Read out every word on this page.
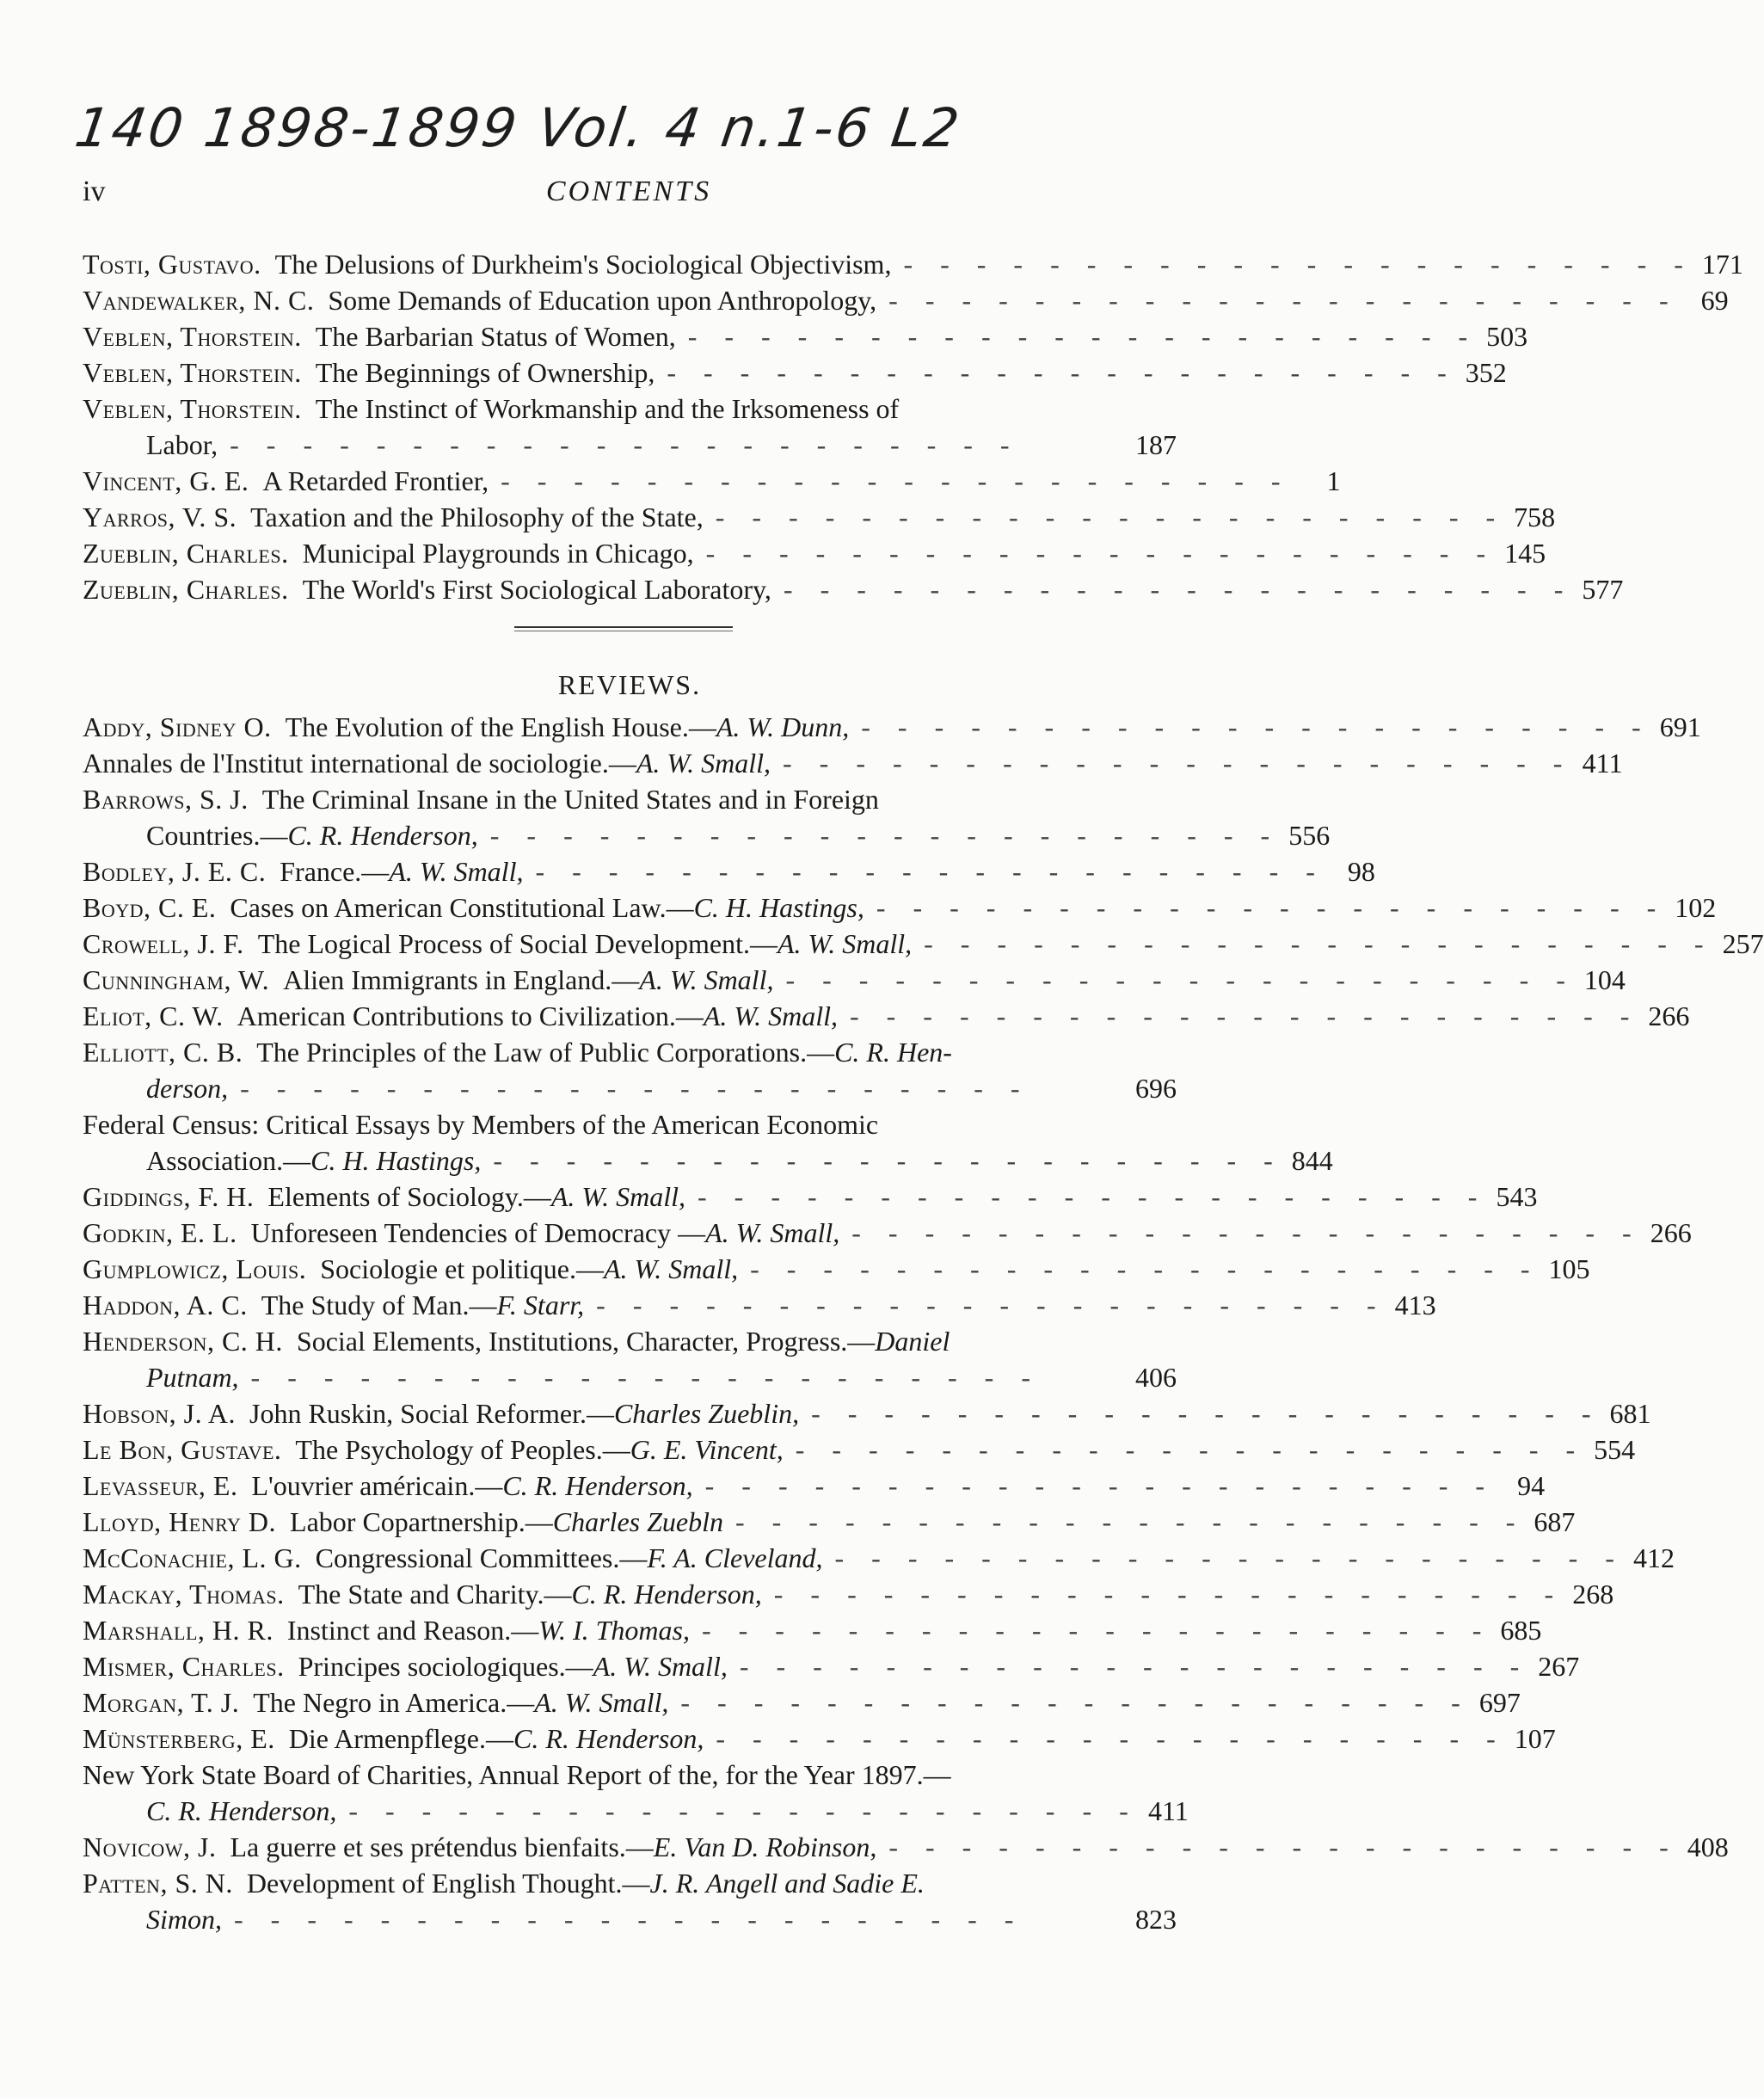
140 1898-1899 Vol. 4 n.1-6 L2
iv	CONTENTS
Tosti, Gustavo. The Delusions of Durkheim's Sociological Objectivism, -	171
Vandewalker, N. C. Some Demands of Education upon Anthropology, -	69
Veblen, Thorstein. The Barbarian Status of Women, -	503
Veblen, Thorstein. The Beginnings of Ownership, -	352
Veblen, Thorstein. The Instinct of Workmanship and the Irksomeness of
Labor, -	187
Vincent, G. E. A Retarded Frontier, -	1
Yarros, V. S. Taxation and the Philosophy of the State, -	758
Zueblin, Charles. Municipal Playgrounds in Chicago, -	145
Zueblin, Charles. The World's First Sociological Laboratory, -	577
REVIEWS.
Addy, Sidney O. The Evolution of the English House.—A. W. Dunn, -	691
Annales de l'Institut international de sociologie.—A. W. Small, -	411
Barrows, S. J. The Criminal Insane in the United States and in Foreign
Countries.—C. R. Henderson, -	556
Bodley, J. E. C. France.—A. W. Small, -	98
Boyd, C. E. Cases on American Constitutional Law.—C. H. Hastings, -	102
Crowell, J. F. The Logical Process of Social Development.—A. W. Small, -	257
Cunningham, W. Alien Immigrants in England.—A. W. Small, -	104
Eliot, C. W. American Contributions to Civilization.—A. W. Small, -	266
Elliott, C. B. The Principles of the Law of Public Corporations.—C. R. Hen-
derson, -	696
Federal Census: Critical Essays by Members of the American Economic
Association.—C. H. Hastings, -	844
Giddings, F. H. Elements of Sociology.—A. W. Small, -	543
Godkin, E. L. Unforeseen Tendencies of Democracy —A. W. Small, -	266
Gumplowicz, Louis. Sociologie et politique.—A. W. Small, -	105
Haddon, A. C. The Study of Man.—F. Starr, -	413
Henderson, C. H. Social Elements, Institutions, Character, Progress.—Daniel
Putnam, -	406
Hobson, J. A. John Ruskin, Social Reformer.—Charles Zueblin, -	681
Le Bon, Gustave. The Psychology of Peoples.—G. E. Vincent, -	554
Levasseur, E. L'ouvrier américain.—C. R. Henderson, -	94
Lloyd, Henry D. Labor Copartnership.—Charles Zuebln -	687
McConachie, L. G. Congressional Committees.—F. A. Cleveland, -	412
Mackay, Thomas. The State and Charity.—C. R. Henderson, -	268
Marshall, H. R. Instinct and Reason.—W. I. Thomas, -	685
Mismer, Charles. Principes sociologiques.—A. W. Small, -	267
Morgan, T. J. The Negro in America.—A. W. Small, -	697
Münsterberg, E. Die Armenpflege.—C. R. Henderson, -	107
New York State Board of Charities, Annual Report of the, for the Year 1897.—
C. R. Henderson, -	411
Novicow, J. La guerre et ses prétendus bienfaits.—E. Van D. Robinson, -	408
Patten, S. N. Development of English Thought.—J. R. Angell and Sadie E.
Simon, -	823
